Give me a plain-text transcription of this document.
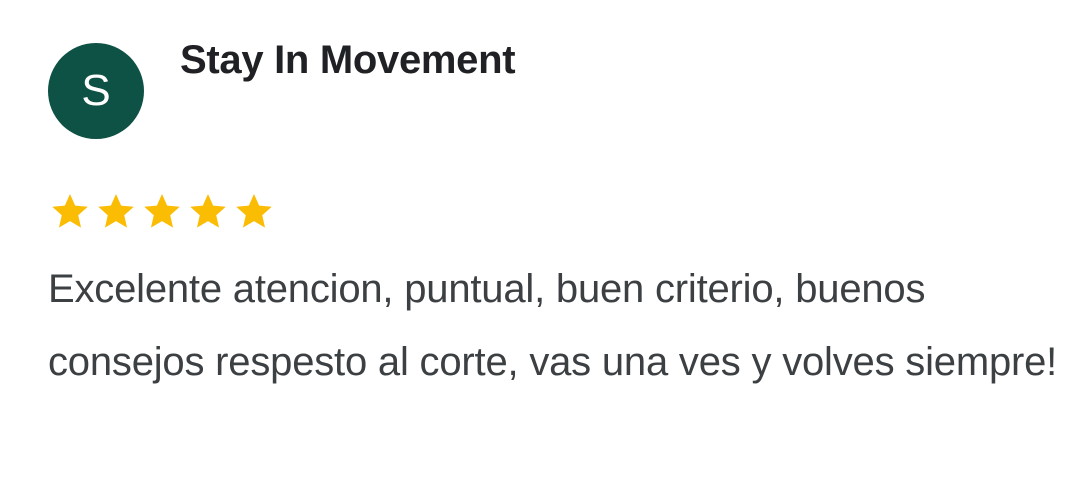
S
Stay In Movement
Excelente atencion, puntual, buen criterio, buenos consejos respesto al corte, vas una ves y volves siempre!
